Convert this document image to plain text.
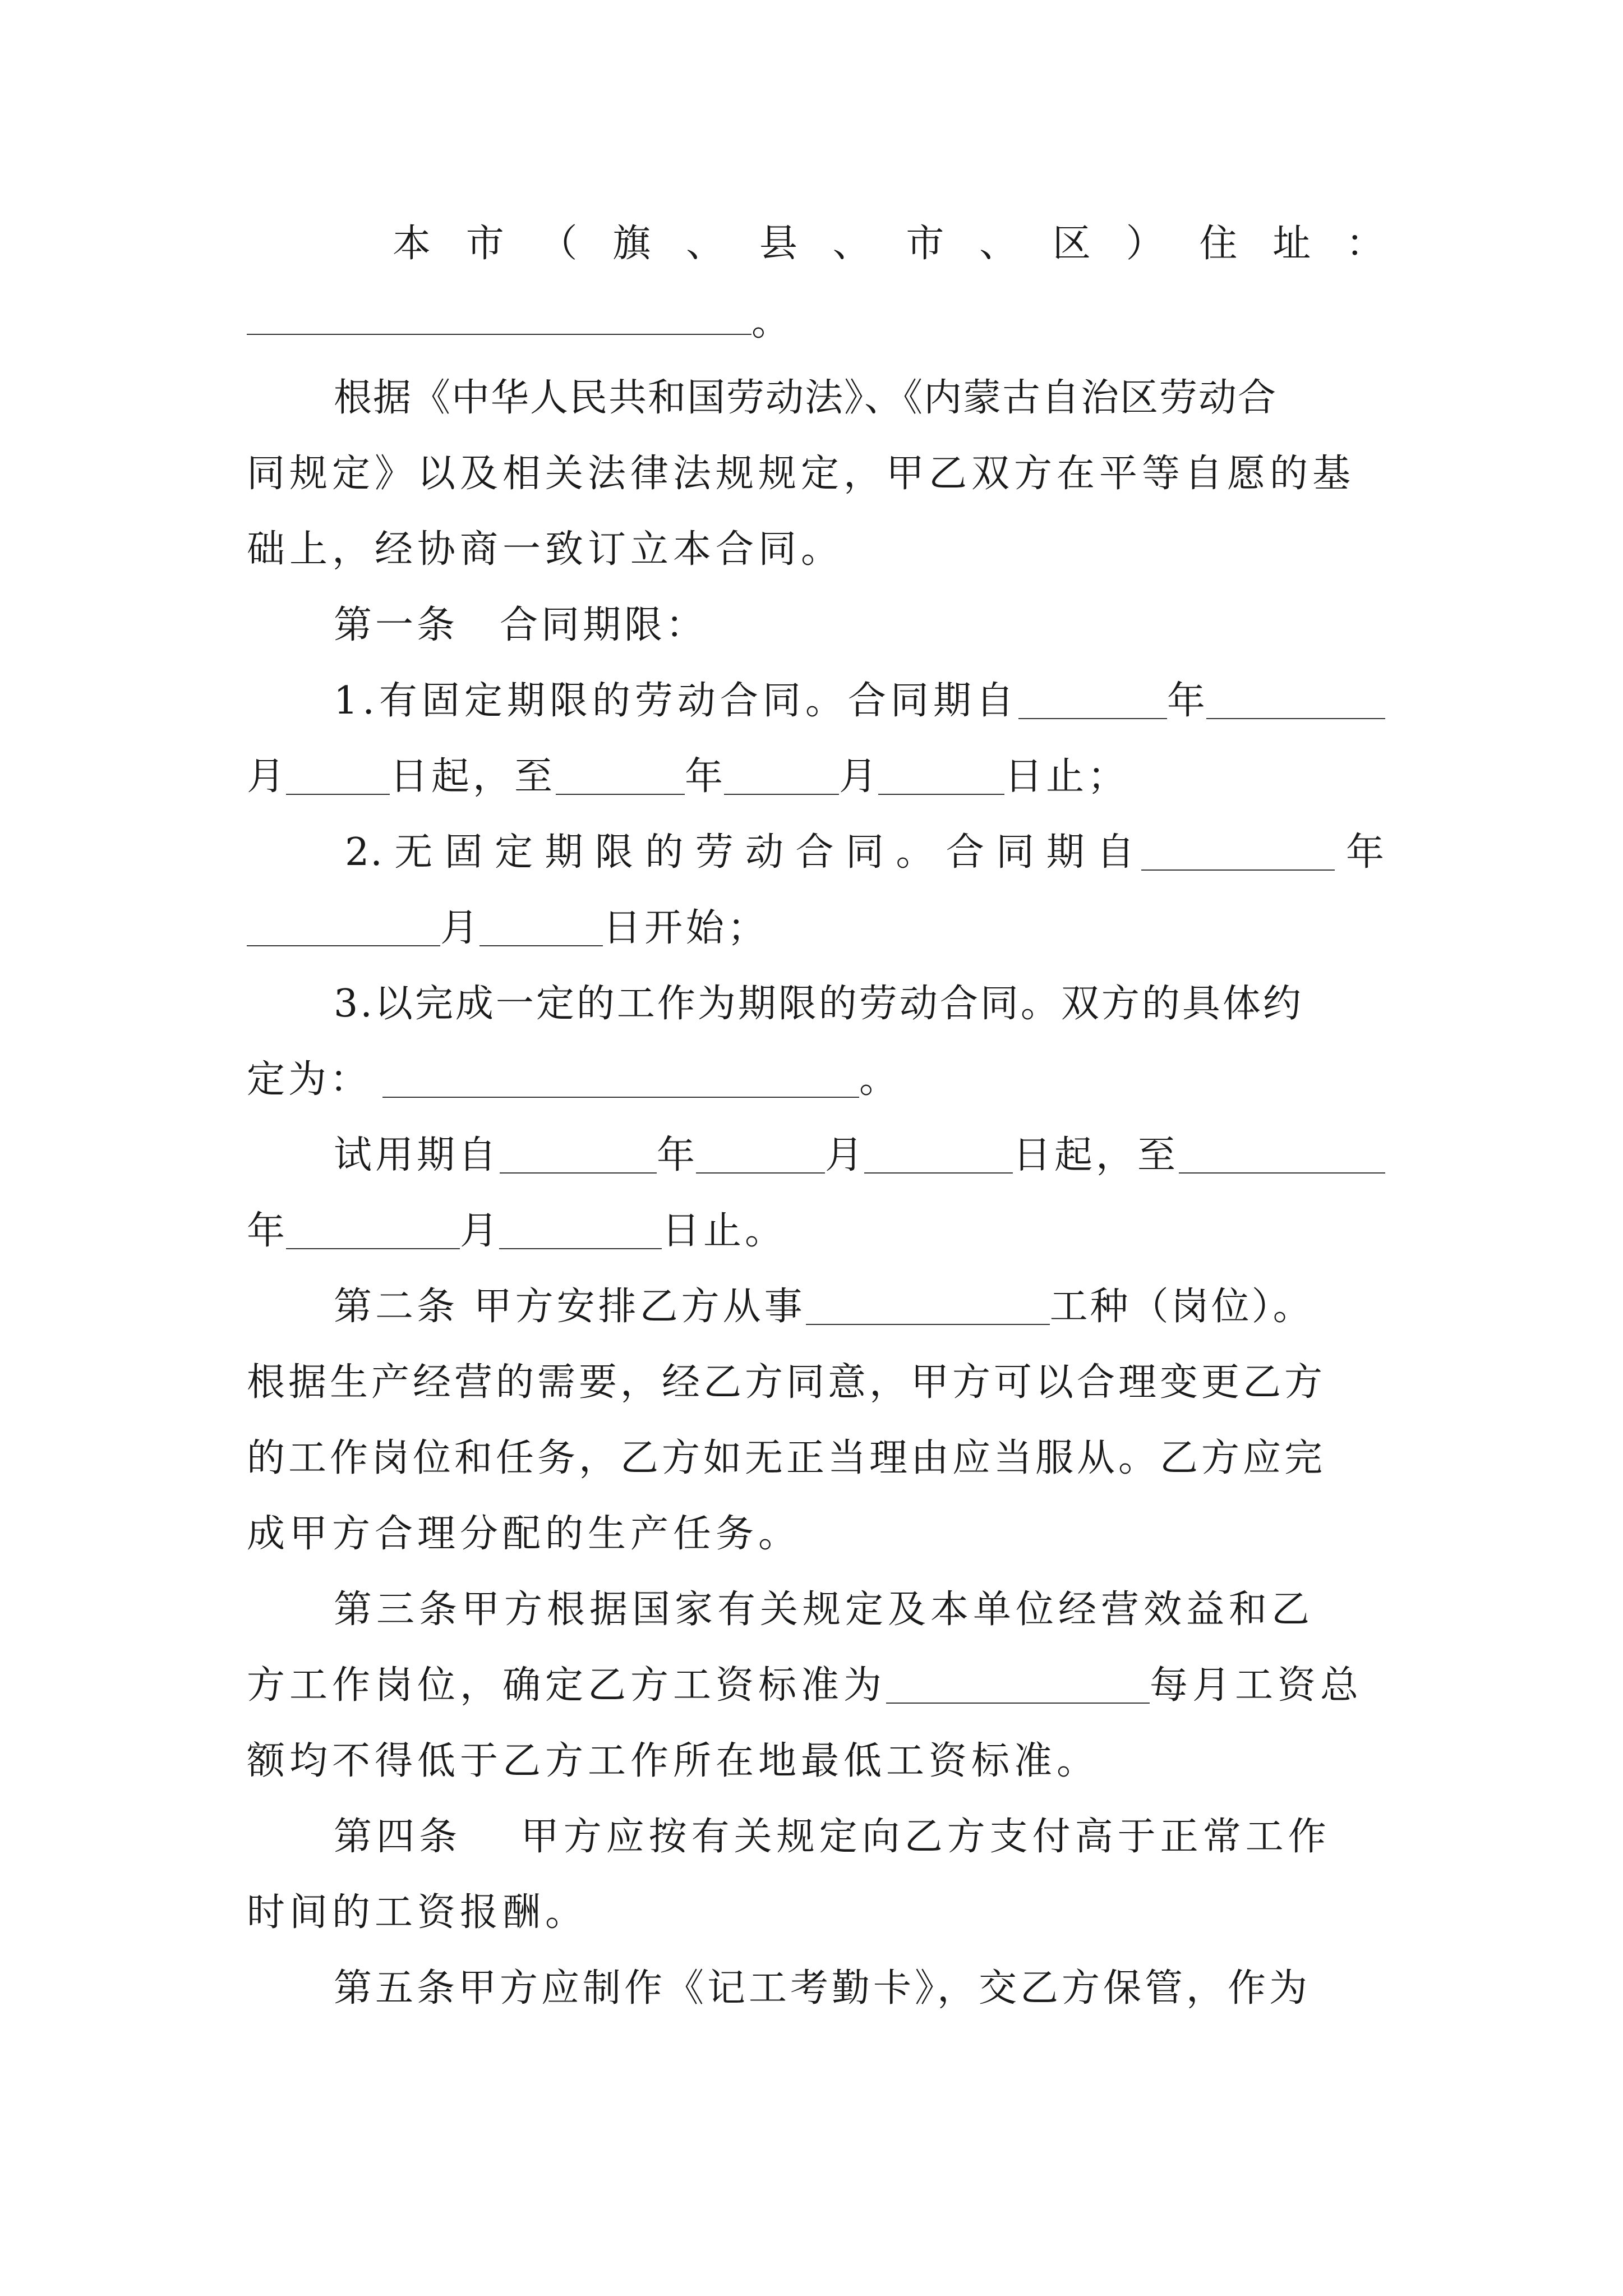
本 市 （ 旗 、 县 、 市 、 区 ） 住 址 ：
。
根据《中华人民共和国劳动法》、《内蒙古自治区劳动合
同规定》以及相关法律法规规定，甲乙双方在平等自愿的基
础上，经协商一致订立本合同。
第一条　合同期限：
1.有固定期限的劳动合同。合同期自	年
月	日起，至	年	月	日止；
2. 无 固 定 期 限 的 劳 动 合 同 。 合 同 期 自	年
月	日开始；
3.以完成一定的工作为期限的劳动合同。双方的具体约
定为：	。
试用期自	年	月	日起，至
年	月	日止。
第二条 甲方安排乙方从事	工种（岗位）。
根据生产经营的需要，经乙方同意，甲方可以合理变更乙方
的工作岗位和任务，乙方如无正当理由应当服从。乙方应完
成甲方合理分配的生产任务。
第三条甲方根据国家有关规定及本单位经营效益和乙
方工作岗位，确定乙方工资标准为	每月工资总
额均不得低于乙方工作所在地最低工资标准。
第四条　 甲方应按有关规定向乙方支付高于正常工作
时间的工资报酬。
第五条甲方应制作《记工考勤卡》，交乙方保管，作为
